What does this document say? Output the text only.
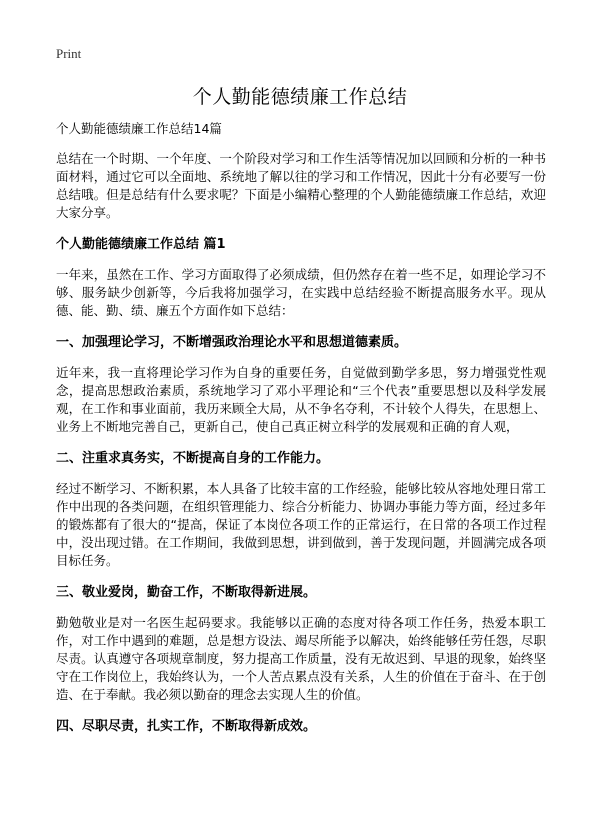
Print
个人勤能德绩廉工作总结
个人勤能德绩廉工作总结14篇

总结在一个时期、一个年度、一个阶段对学习和工作生活等情况加以回顾和分析的一种书面材料，通过它可以全面地、系统地了解以往的学习和工作情况，因此十分有必要写一份总结哦。但是总结有什么要求呢？下面是小编精心整理的个人勤能德绩廉工作总结，欢迎大家分享。

个人勤能德绩廉工作总结 篇1

一年来，虽然在工作、学习方面取得了必须成绩，但仍然存在着一些不足，如理论学习不够、服务缺少创新等，今后我将加强学习，在实践中总结经验不断提高服务水平。现从德、能、勤、绩、廉五个方面作如下总结：

一、加强理论学习，不断增强政治理论水平和思想道德素质。

近年来，我一直将理论学习作为自身的重要任务，自觉做到勤学多思，努力增强党性观念，提高思想政治素质，系统地学习了邓小平理论和“三个代表”重要思想以及科学发展观，在工作和事业面前，我历来顾全大局，从不争名夺利，不计较个人得失，在思想上、业务上不断地完善自己，更新自己，使自己真正树立科学的发展观和正确的育人观，

二、注重求真务实，不断提高自身的工作能力。

经过不断学习、不断积累，本人具备了比较丰富的工作经验，能够比较从容地处理日常工作中出现的各类问题，在组织管理能力、综合分析能力、协调办事能力等方面，经过多年的锻炼都有了很大的“提高，保证了本岗位各项工作的正常运行，在日常的各项工作过程中，没出现过错。在工作期间，我做到思想，讲到做到，善于发现问题，并圆满完成各项目标任务。

三、敬业爱岗，勤奋工作，不断取得新进展。

勤勉敬业是对一名医生起码要求。我能够以正确的态度对待各项工作任务，热爱本职工作，对工作中遇到的难题，总是想方设法、竭尽所能予以解决，始终能够任劳任怨，尽职尽责。认真遵守各项规章制度，努力提高工作质量，没有无故迟到、早退的现象，始终坚守在工作岗位上，我始终认为，一个人苦点累点没有关系，人生的价值在于奋斗、在于创造、在于奉献。我必须以勤奋的理念去实现人生的价值。

四、尽职尽责，扎实工作，不断取得新成效。
